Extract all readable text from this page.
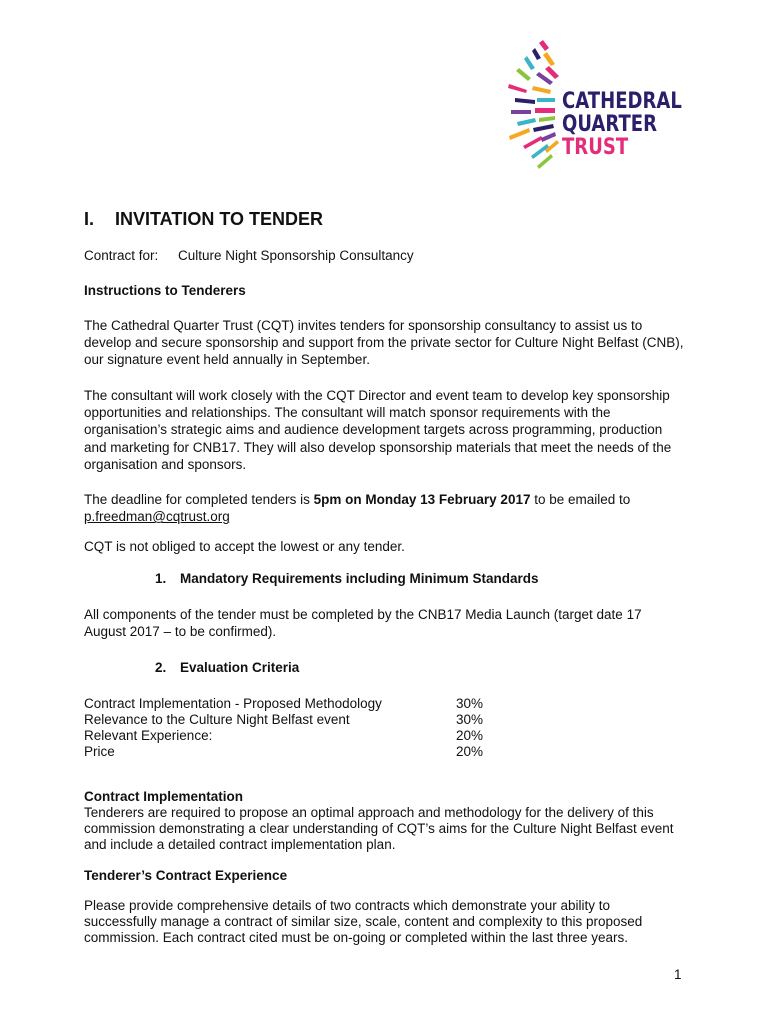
CATHEDRAL
QUARTER
TRUST
I. INVITATION TO TENDER
Contract for: Culture Night Sponsorship Consultancy
Instructions to Tenderers
The Cathedral Quarter Trust (CQT) invites tenders for sponsorship consultancy to assist us to develop and secure sponsorship and support from the private sector for Culture Night Belfast (CNB), our signature event held annually in September.
The consultant will work closely with the CQT Director and event team to develop key sponsorship opportunities and relationships. The consultant will match sponsor requirements with the organisation’s strategic aims and audience development targets across programming, production and marketing for CNB17. They will also develop sponsorship materials that meet the needs of the organisation and sponsors.
The deadline for completed tenders is 5pm on Monday 13 February 2017 to be emailed to
p.freedman@cqtrust.org
CQT is not obliged to accept the lowest or any tender.
1. Mandatory Requirements including Minimum Standards
All components of the tender must be completed by the CNB17 Media Launch (target date 17 August 2017 – to be confirmed).
2. Evaluation Criteria
Contract Implementation - Proposed Methodology	30%
Relevance to the Culture Night Belfast event	30%
Relevant Experience:	20%
Price	20%
Contract Implementation
Tenderers are required to propose an optimal approach and methodology for the delivery of this commission demonstrating a clear understanding of CQT’s aims for the Culture Night Belfast event and include a detailed contract implementation plan.
Tenderer’s Contract Experience
Please provide comprehensive details of two contracts which demonstrate your ability to successfully manage a contract of similar size, scale, content and complexity to this proposed commission. Each contract cited must be on-going or completed within the last three years.
1
